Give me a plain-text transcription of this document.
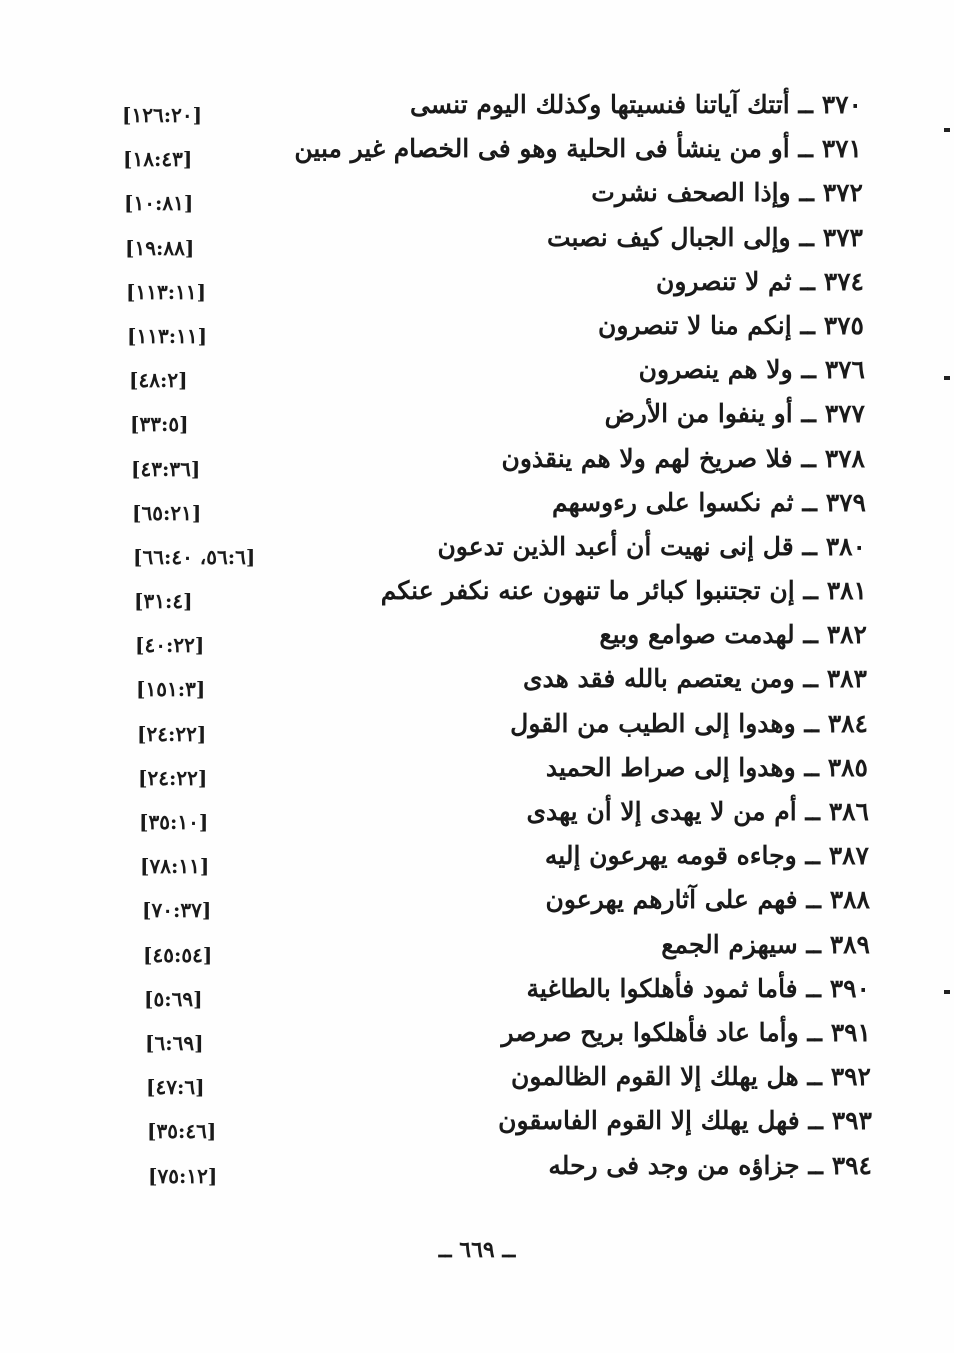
٣٧٠ ــ أتتك آياتنا فنسيتها وكذلك اليوم تنسى
[١٢٦:٢٠]
٣٧١ ــ أو من ينشأ فى الحلية وهو فى الخصام غير مبين
[١٨:٤٣]
٣٧٢ ــ وإذا الصحف نشرت
[١٠:٨١]
٣٧٣ ــ وإلى الجبال كيف نصبت
[١٩:٨٨]
٣٧٤ ــ ثم لا تنصرون
[١١٣:١١]
٣٧٥ ــ إنكم منا لا تنصرون
[١١٣:١١]
٣٧٦ ــ ولا هم ينصرون
[٤٨:٢]
٣٧٧ ــ أو ينفوا من الأرض
[٣٣:٥]
٣٧٨ ــ فلا صريخ لهم ولا هم ينقذون
[٤٣:٣٦]
٣٧٩ ــ ثم نكسوا على رءوسهم
[٦٥:٢١]
٣٨٠ ــ قل إنى نهيت أن أعبد الذين تدعون
[٥٦:٦، ٦٦:٤٠]
٣٨١ ــ إن تجتنبوا كبائر ما تنهون عنه نكفر عنكم
[٣١:٤]
٣٨٢ ــ لهدمت صوامع وبيع
[٤٠:٢٢]
٣٨٣ ــ ومن يعتصم بالله فقد هدى
[١٥١:٣]
٣٨٤ ــ وهدوا إلى الطيب من القول
[٢٤:٢٢]
٣٨٥ ــ وهدوا إلى صراط الحميد
[٢٤:٢٢]
٣٨٦ ــ أم من لا يهدى إلا أن يهدى
[٣٥:١٠]
٣٨٧ ــ وجاءه قومه يهرعون إليه
[٧٨:١١]
٣٨٨ ــ فهم على آثارهم يهرعون
[٧٠:٣٧]
٣٨٩ ــ سيهزم الجمع
[٤٥:٥٤]
٣٩٠ ــ فأما ثمود فأهلكوا بالطاغية
[٥:٦٩]
٣٩١ ــ وأما عاد فأهلكوا بريح صرصر
[٦:٦٩]
٣٩٢ ــ هل يهلك إلا القوم الظالمون
[٤٧:٦]
٣٩٣ ــ فهل يهلك إلا القوم الفاسقون
[٣٥:٤٦]
٣٩٤ ــ جزاؤه من وجد فى رحله
[٧٥:١٢]
ــ ٦٦٩ ــ
